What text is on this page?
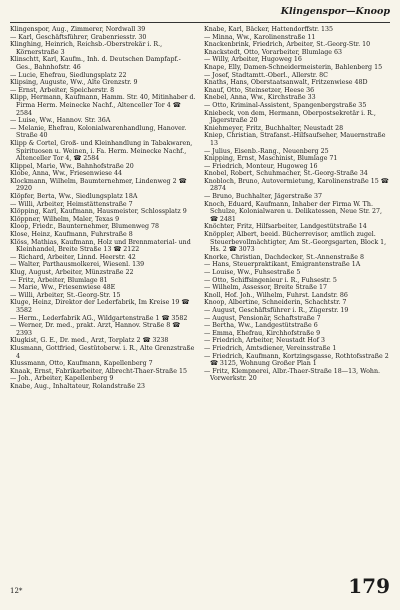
Klingenspor—Knoop
Klingenspor, Aug., Zimmerer, Nordwall 39
— Karl, Geschäftsführer, Grabenriesstr. 30
Klinghing, Heinrich, Reichsb.-Oberstrekär i. R., Körnerstraße 3
Klinschtt, Karl, Kaufm., Inh. d. Deutschen Dampfapf.-Ges., Bahnhofstr. 46
— Lucie, Ehefrau, Siedlungsplatz 22
Klipsing, Auguste, Ww., Alte Grenzstr. 9
— Ernst, Arbeiter, Speicherstr. 8
Klipp, Hermann, Kaufmann, Hamm. Str. 40, Mitinhaber d. Firma Herm. Meinecke Nachf., Altenceller Tor 4 ☎ 2584
— Luise, Ww., Hannov. Str. 36A
— Melanie, Ehefrau, Kolonialwarenhandlung, Hanover. Straße 40
Klipp & Cortel, Groß- und Kleinhandlung in Tabakwaren, Spirituosen u. Weinen, i. Fa. Herm. Meinecke Nachf., Altenceller Tor 4, ☎ 2584
Klippel, Marie, Ww., Bahnhofstraße 20
Klobe, Anna, Ww., Friesenwiese 44
Klockmann, Wilhelm, Baumternehmer, Lindenweg 2 ☎ 2920
Klöpfer, Berta, Ww., Siedlungsplatz 18A
— Willi, Arbeiter, Heimstättenstraße 7
Klöpping, Karl, Kaufmann, Hausmeister, Schlossplatz 9
Klöppner, Wilhelm, Maler, Texas 9
Kloop, Friedr., Baunternehmer, Blumenweg 78
Klose, Heinz, Kaufmann, Fuhrstraße 8
Klöss, Mathias, Kaufmann, Holz und Brennmaterial- und Kleinhandel, Breite Straße 13 ☎ 2122
— Richard, Arbeiter, Linnd. Heerstr. 42
— Walter, Parthausmolkerei, Wiesenl. 139
Klug, August, Arbeiter, Münzstraße 22
— Fritz, Arbeiter, Blumlage 81
— Marie, Ww., Friesenwiese 48E
— Willi, Arbeiter, St.-Georg-Str. 15
Kluge, Heinz, Direktor der Lederfabrik, Im Kreise 19 ☎ 3582
— Herm., Lederfabrik AG., Wildgartenstraße 1 ☎ 3582
— Werner, Dr. med., prakt. Arzt, Hannov. Straße 8 ☎ 2393
Klugkist, G. E., Dr. med., Arzt, Torplatz 2 ☎ 3238
Klusmann, Gottfried, Gestütoberw. i. R., Alte Grenzstraße 4
Klussmann, Otto, Kaufmann, Kapellenberg 7
Knaak, Ernst, Fabrikarbeiter, Albrecht-Thaer-Straße 15
— Joh., Arbeiter, Kapellenberg 9
Knabe, Aug., Inhaltateur, Rolandstraße 23
Knabe, Karl, Bäcker, Hattendorffstr. 135
— Minna, Ww., Karolinenstraße 11
Knackenbrink, Friedrich, Arbeiter, St.-Georg-Str. 10
Knackstedt, Otto, Vorarbeiter, Blumlage 63
— Willy, Arbeiter, Hugoweg 16
Knape, Elly, Damen-Schneidermeisterin, Bahlenberg 15
— Josef, Stadtamtt.-Oberl., Allerstr. 8C
Knaths, Hans, Oberstaatsanwalt, Fritzenwiese 48D
Knauf, Otto, Steinsetzer, Heese 36
Knebel, Anna, Ww., Kirchstraße 33
— Otto, Kriminal-Assistent, Spangenbergstraße 35
Kniebeck, von dem, Hermann, Oberpostsekretär i. R., Jägerstraße 20
Kniehmeyer, Fritz, Buchhalter, Neustadt 28
Kniep, Christian, Strafanst.-Hilfsaufseher, Mauernstraße 13
— Julius, Eisenb.-Rang., Neuenberg 25
Knipping, Ernst, Maschinist, Blumlage 71
— Friedrich, Monteur, Hugoweg 16
Knobel, Robert, Schuhmacher, St.-Georg-Straße 34
Knobloch, Bruno, Autovermietung, Karolinenstraße 15 ☎ 2874
— Bruno, Buchhalter, Jägerstraße 37
Knoch, Eduard, Kaufmann, Inhaber der Firma W. Th. Schulze, Kolonialwaren u. Delikatessen, Neue Str. 27, ☎ 2481
Knöchter, Fritz, Hilfsarbeiter, Landgestütstraße 14
Knöppler, Albert, beeid. Bücherrevisor, amtlich zugel. Steuerbevollmächtigter, Am St.-Georgsgarten, Block 1, Hs. 2 ☎ 3073
Knorke, Christian, Dachdecker, St.-Annenstraße 8
— Hans, Steuerpraktikant, Emigrantenstraße 1A
— Louise, Ww., Fuhsestraße 5
— Otto, Schiffsingenieur i. R., Fuhsestr. 5
— Wilhelm, Assessor, Breite Straße 17
Knoll, Hof. Joh., Wilhelm, Fuhrst. Landstr. 86
Knoop, Albertine, Schneiderin, Schachtstr. 7
— August, Geschäftsführer i. R., Zügerstr. 19
— August, Pensionär, Schaftstraße 7
— Bertha, Ww., Landgestütstraße 6
— Emma, Ehefrau, Kirchhofstraße 9
— Friedrich, Arbeiter, Neustadt Hof 3
— Friedrich, Amtsdiener, Vereinsstraße 1
— Friedrich, Kaufmann, Kortzingsgasse, Rothtofsstraße 2 ☎ 3125, Wohnung Großer Plan 1
— Fritz, Klempnerei, Albr.-Thaer-Straße 18—13, Wohn. Vorwerkstr. 20
12*	179
